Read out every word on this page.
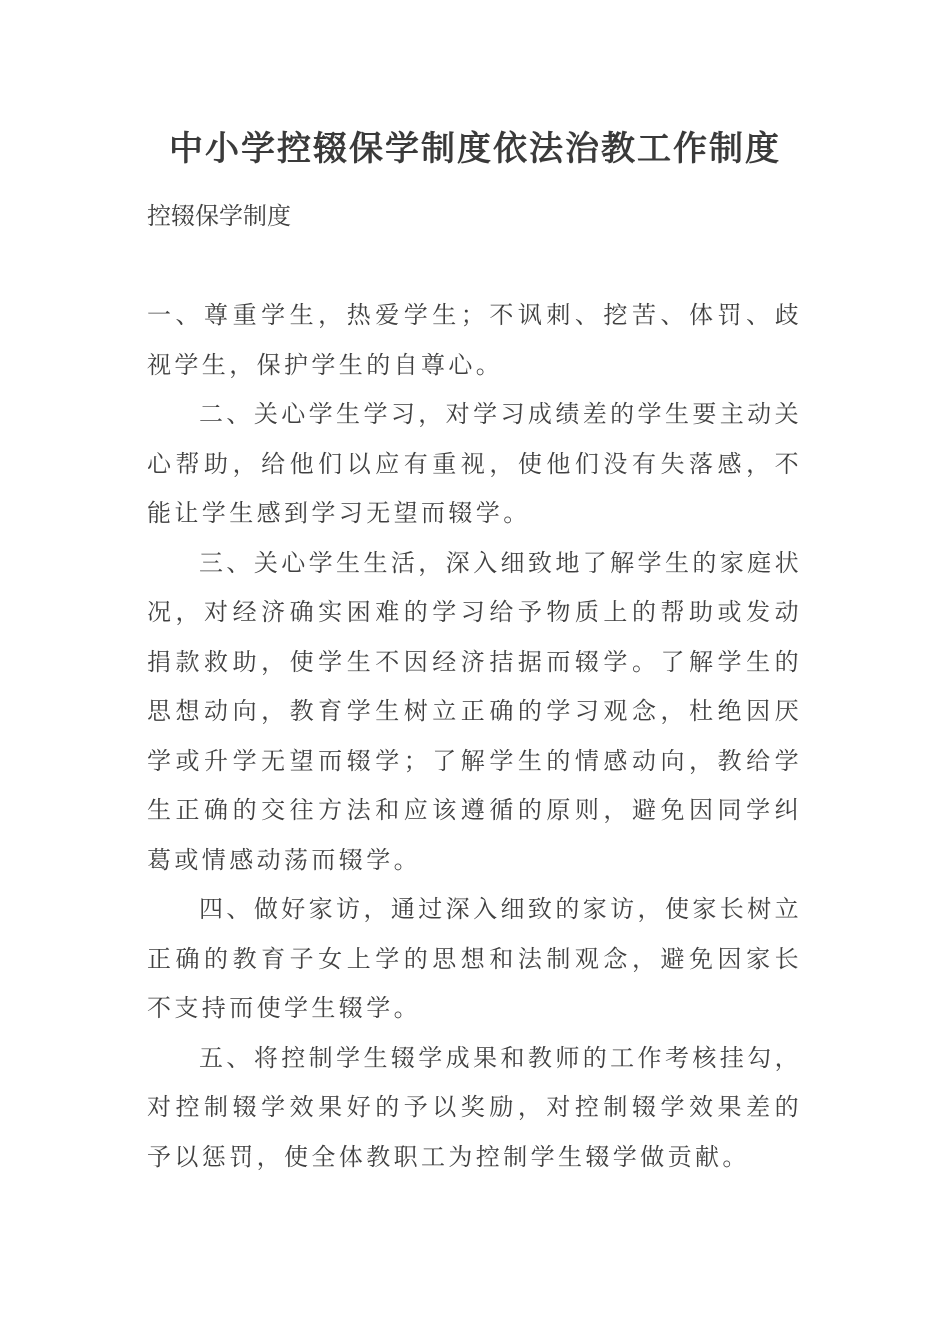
中小学控辍保学制度依法治教工作制度

控辍保学制度

一、尊重学生，热爱学生；不讽刺、挖苦、体罚、歧视学生，保护学生的自尊心。

二、关心学生学习，对学习成绩差的学生要主动关心帮助，给他们以应有重视，使他们没有失落感，不能让学生感到学习无望而辍学。

三、关心学生生活，深入细致地了解学生的家庭状况，对经济确实困难的学习给予物质上的帮助或发动捐款救助，使学生不因经济拮据而辍学。了解学生的思想动向，教育学生树立正确的学习观念，杜绝因厌学或升学无望而辍学；了解学生的情感动向，教给学生正确的交往方法和应该遵循的原则，避免因同学纠葛或情感动荡而辍学。

四、做好家访，通过深入细致的家访，使家长树立正确的教育子女上学的思想和法制观念，避免因家长不支持而使学生辍学。

五、将控制学生辍学成果和教师的工作考核挂勾，对控制辍学效果好的予以奖励，对控制辍学效果差的予以惩罚，使全体教职工为控制学生辍学做贡献。
